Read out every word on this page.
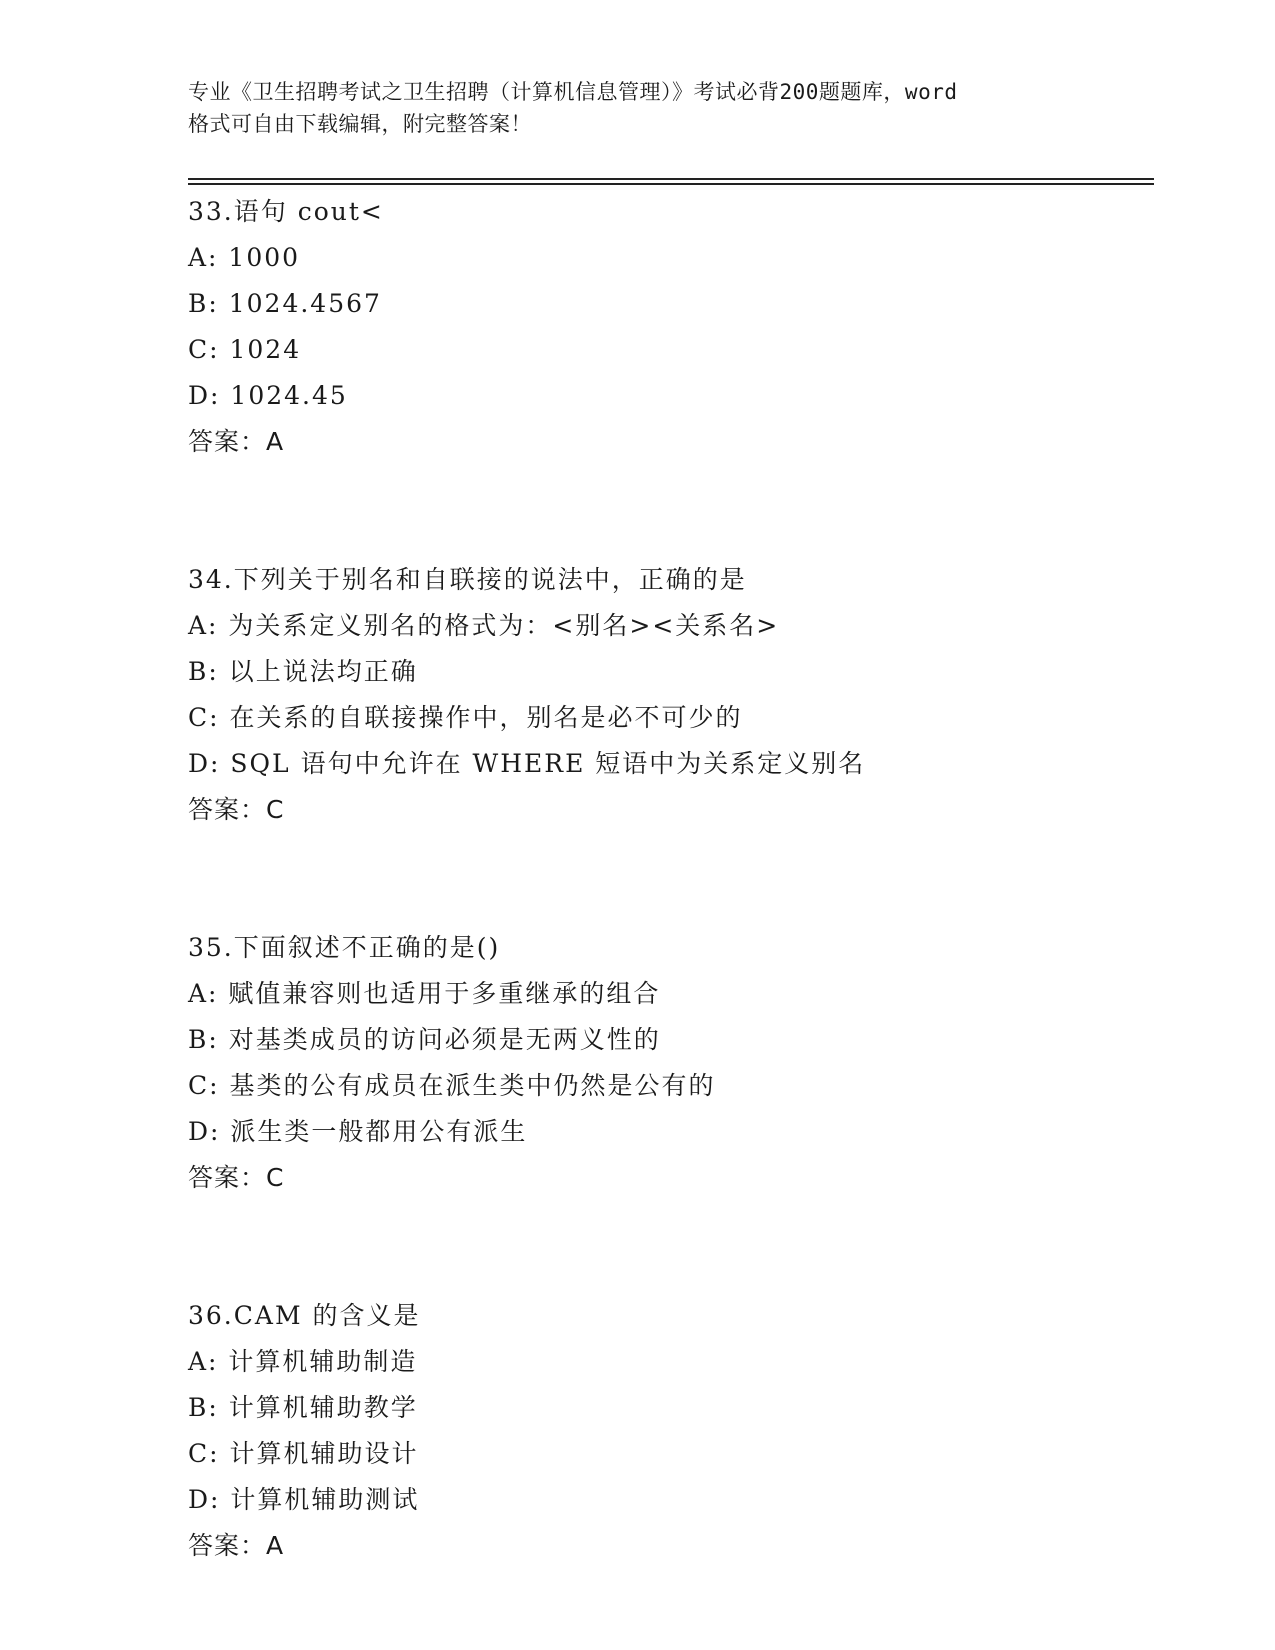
专业《卫生招聘考试之卫生招聘（计算机信息管理）》考试必背200题题库，word
格式可自由下载编辑，附完整答案！
33.语句 cout<
A: 1000
B: 1024.4567
C: 1024
D: 1024.45
答案：A
34.下列关于别名和自联接的说法中，正确的是
A: 为关系定义别名的格式为：<别名><关系名>
B: 以上说法均正确
C: 在关系的自联接操作中，别名是必不可少的
D: SQL 语句中允许在 WHERE 短语中为关系定义别名
答案：C
35.下面叙述不正确的是()
A: 赋值兼容则也适用于多重继承的组合
B: 对基类成员的访问必须是无两义性的
C: 基类的公有成员在派生类中仍然是公有的
D: 派生类一般都用公有派生
答案：C
36.CAM 的含义是
A: 计算机辅助制造
B: 计算机辅助教学
C: 计算机辅助设计
D: 计算机辅助测试
答案：A
